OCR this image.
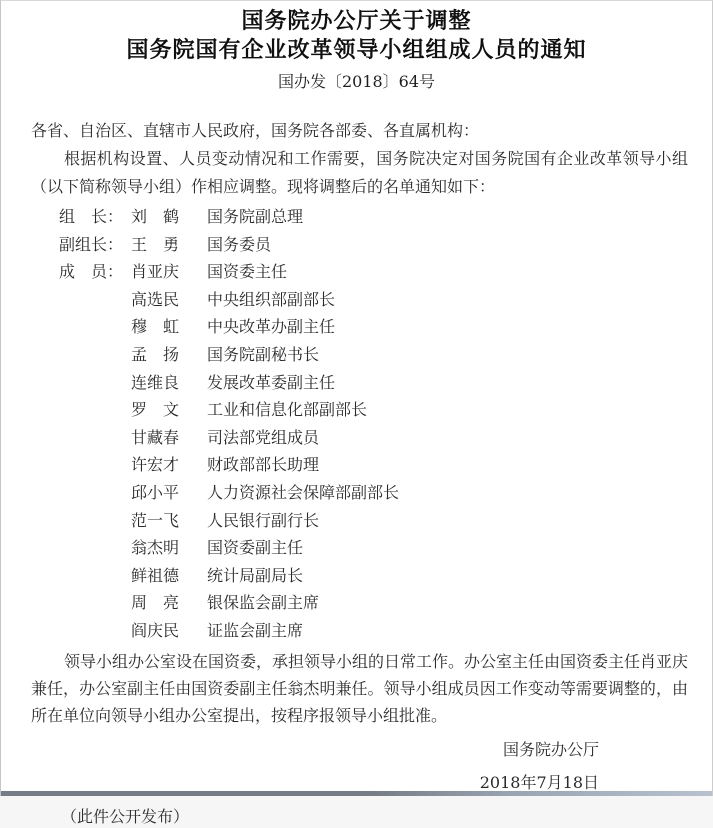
国务院办公厅关于调整
国务院国有企业改革领导小组组成人员的通知
国办发〔2018〕64号
各省、自治区、直辖市人民政府，国务院各部委、各直属机构：
根据机构设置、人员变动情况和工作需要，国务院决定对国务院国有企业改革领导小组（以下简称领导小组）作相应调整。现将调整后的名单通知如下：
组　长： 刘　鹤	国务院副总理
副组长： 王　勇	国务委员
成　员： 肖亚庆	国资委主任
高选民	中央组织部副部长
穆　虹	中央改革办副主任
孟　扬	国务院副秘书长
连维良	发展改革委副主任
罗　文	工业和信息化部副部长
甘藏春	司法部党组成员
许宏才	财政部部长助理
邱小平	人力资源社会保障部副部长
范一飞	人民银行副行长
翁杰明	国资委副主任
鲜祖德	统计局副局长
周　亮	银保监会副主席
阎庆民	证监会副主席
领导小组办公室设在国资委，承担领导小组的日常工作。办公室主任由国资委主任肖亚庆兼任，办公室副主任由国资委副主任翁杰明兼任。领导小组成员因工作变动等需要调整的，由所在单位向领导小组办公室提出，按程序报领导小组批准。
国务院办公厅
2018年7月18日
（此件公开发布）
